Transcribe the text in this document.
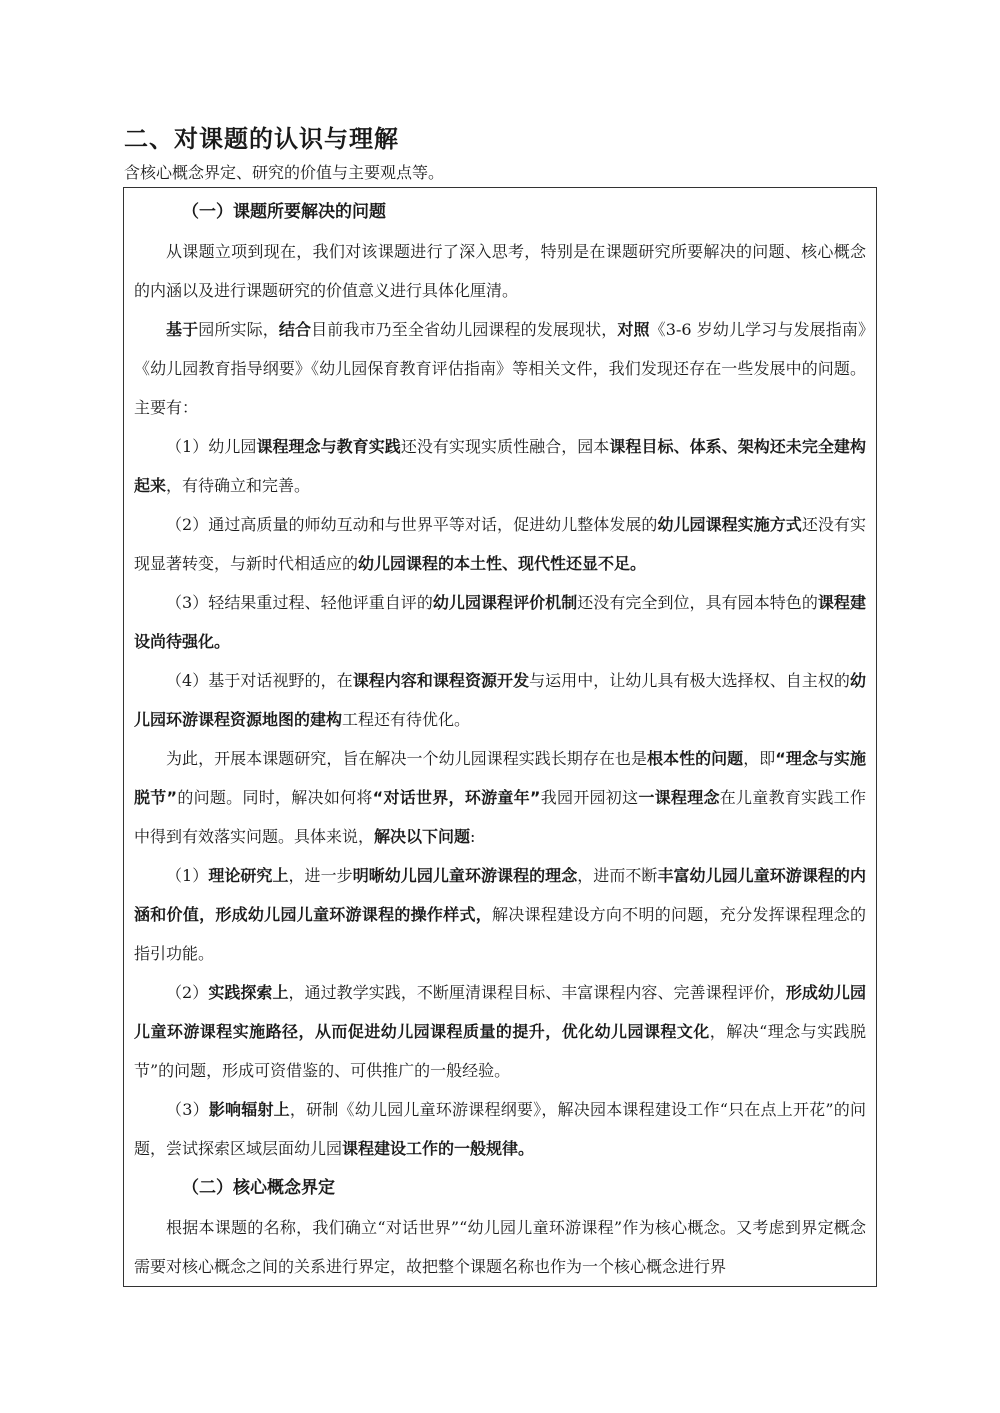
二、对课题的认识与理解

含核心概念界定、研究的价值与主要观点等。

（一）课题所要解决的问题

从课题立项到现在，我们对该课题进行了深入思考，特别是在课题研究所要解决的问题、核心概念的内涵以及进行课题研究的价值意义进行具体化厘清。

基于园所实际，结合目前我市乃至全省幼儿园课程的发展现状，对照《3-6 岁幼儿学习与发展指南》《幼儿园教育指导纲要》《幼儿园保育教育评估指南》等相关文件，我们发现还存在一些发展中的问题。主要有：

（1）幼儿园课程理念与教育实践还没有实现实质性融合，园本课程目标、体系、架构还未完全建构起来，有待确立和完善。

（2）通过高质量的师幼互动和与世界平等对话，促进幼儿整体发展的幼儿园课程实施方式还没有实现显著转变，与新时代相适应的幼儿园课程的本土性、现代性还显不足。

（3）轻结果重过程、轻他评重自评的幼儿园课程评价机制还没有完全到位，具有园本特色的课程建设尚待强化。

（4）基于对话视野的，在课程内容和课程资源开发与运用中，让幼儿具有极大选择权、自主权的幼儿园环游课程资源地图的建构工程还有待优化。

为此，开展本课题研究，旨在解决一个幼儿园课程实践长期存在也是根本性的问题，即“理念与实施脱节”的问题。同时，解决如何将“对话世界，环游童年”我园开园初这一课程理念在儿童教育实践工作中得到有效落实问题。具体来说，解决以下问题:

（1）理论研究上，进一步明晰幼儿园儿童环游课程的理念，进而不断丰富幼儿园儿童环游课程的内涵和价值，形成幼儿园儿童环游课程的操作样式，解决课程建设方向不明的问题，充分发挥课程理念的指引功能。

（2）实践探索上，通过教学实践，不断厘清课程目标、丰富课程内容、完善课程评价，形成幼儿园儿童环游课程实施路径，从而促进幼儿园课程质量的提升，优化幼儿园课程文化，解决“理念与实践脱节”的问题，形成可资借鉴的、可供推广的一般经验。

（3）影响辐射上，研制《幼儿园儿童环游课程纲要》，解决园本课程建设工作“只在点上开花”的问题，尝试探索区域层面幼儿园课程建设工作的一般规律。

（二）核心概念界定

根据本课题的名称，我们确立“对话世界”“幼儿园儿童环游课程”作为核心概念。又考虑到界定概念需要对核心概念之间的关系进行界定，故把整个课题名称也作为一个核心概念进行界
